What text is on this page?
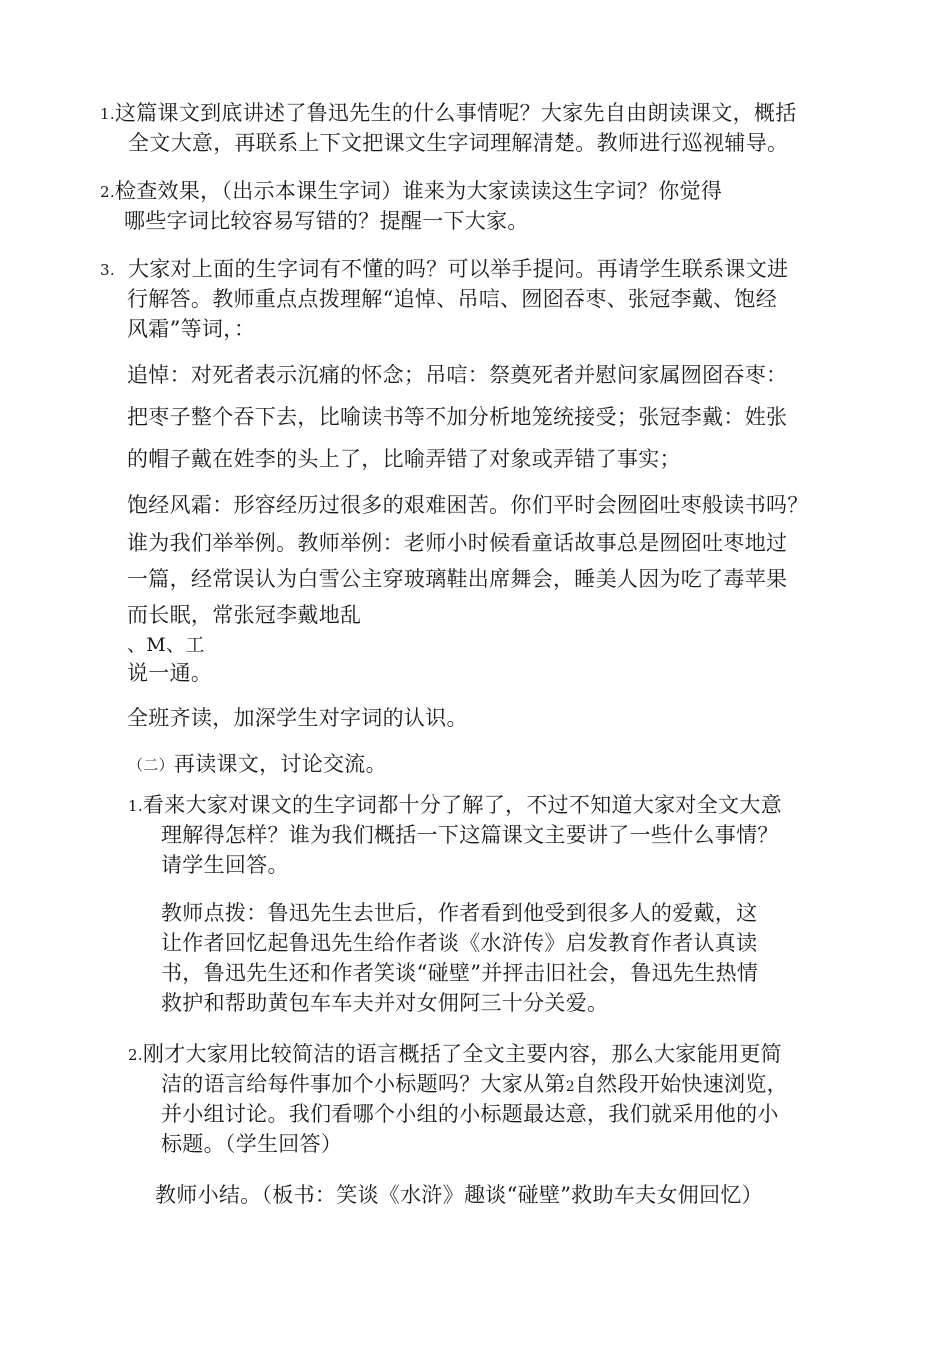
1.这篇课文到底讲述了鲁迅先生的什么事情呢？大家先自由朗读课文，概括
全文大意，再联系上下文把课文生字词理解清楚。教师进行巡视辅导。
2.检查效果，（出示本课生字词）谁来为大家读读这生字词？你觉得
哪些字词比较容易写错的？提醒一下大家。
3. 大家对上面的生字词有不懂的吗？可以举手提问。再请学生联系课文进
行解答。教师重点点拨理解“追悼、吊唁、囫囵吞枣、张冠李戴、饱经
风霜”等词，：
追悼：对死者表示沉痛的怀念；吊唁：祭奠死者并慰问家属囫囵吞枣：
把枣子整个吞下去，比喻读书等不加分析地笼统接受；张冠李戴：姓张
的帽子戴在姓李的头上了，比喻弄错了对象或弄错了事实；
饱经风霜：形容经历过很多的艰难困苦。你们平时会囫囵吐枣般读书吗？
谁为我们举举例。教师举例：老师小时候看童话故事总是囫囵吐枣地过
一篇，经常误认为白雪公主穿玻璃鞋出席舞会，睡美人因为吃了毒苹果
而长眠，常张冠李戴地乱
、M、工
说一通。
全班齐读，加深学生对字词的认识。
（二）再读课文，讨论交流。
1.看来大家对课文的生字词都十分了解了，不过不知道大家对全文大意
理解得怎样？谁为我们概括一下这篇课文主要讲了一些什么事情？
请学生回答。
教师点拨：鲁迅先生去世后，作者看到他受到很多人的爱戴，这
让作者回忆起鲁迅先生给作者谈《水浒传》启发教育作者认真读
书，鲁迅先生还和作者笑谈“碰壁”并抨击旧社会，鲁迅先生热情
救护和帮助黄包车车夫并对女佣阿三十分关爱。
2.刚才大家用比较简洁的语言概括了全文主要内容，那么大家能用更简
洁的语言给每件事加个小标题吗？大家从第2自然段开始快速浏览，
并小组讨论。我们看哪个小组的小标题最达意，我们就采用他的小
标题。（学生回答）
教师小结。（板书：笑谈《水浒》趣谈“碰壁”救助车夫女佣回忆）
